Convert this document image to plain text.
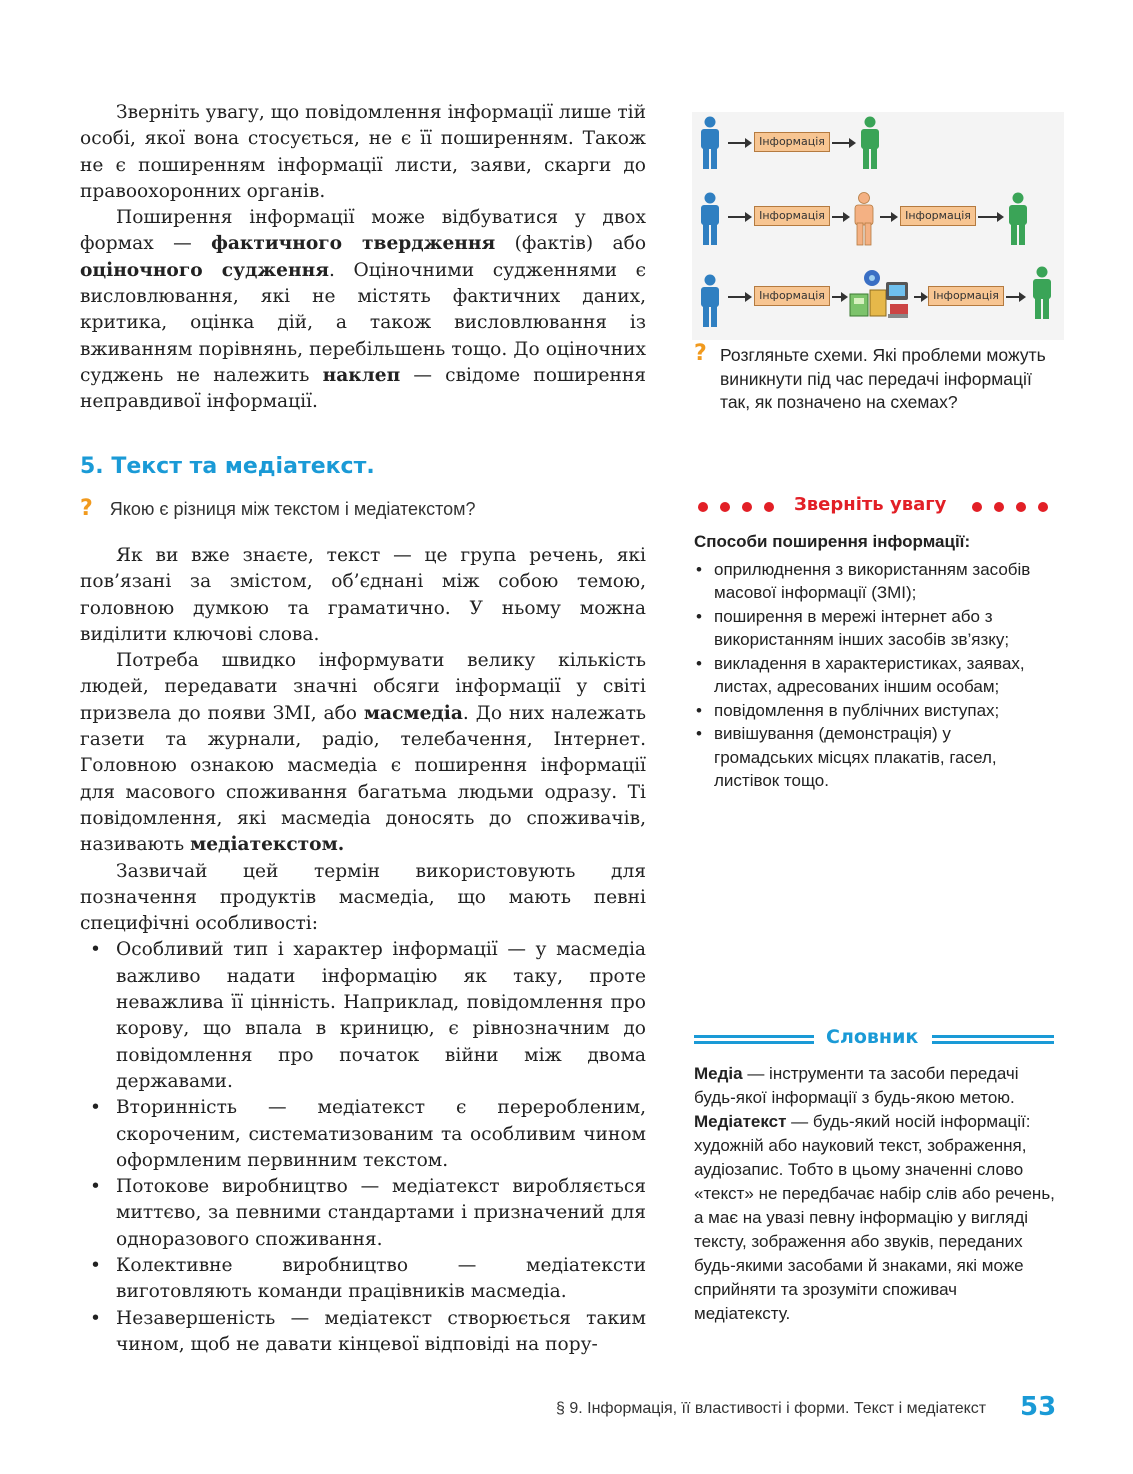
Зверніть увагу, що повідомлення інформації лише тій особі, якої вона стосується, не є її поширенням. Також не є поширенням інформації листи, заяви, скарги до правоохоронних органів.

Поширення інформації може відбуватися у двох формах — фактичного твердження (фактів) або оціночного судження. Оціночними судженнями є висловлювання, які не містять фактичних даних, критика, оцінка дій, а також висловлювання із вживанням порівнянь, перебільшень тощо. До оціночних суджень не належить наклеп — свідоме поширення неправдивої інформації.

5. Текст та медіатекст.
? Якою є різниця між текстом і медіатекстом?

Як ви вже знаєте, текст — це група речень, які пов’язані за змістом, об’єднані між собою темою, головною думкою та граматично. У ньому можна виділити ключові слова.

Потреба швидко інформувати велику кількість людей, передавати значні обсяги інформації у світі призвела до появи ЗМІ, або масмедіа. До них належать газети та журнали, радіо, телебачення, Інтернет. Головною ознакою масмедіа є поширення інформації для масового споживання багатьма людьми одразу. Ті повідомлення, які масмедіа доносять до споживачів, називають медіатекстом.

Зазвичай цей термін використовують для позначення продуктів масмедіа, що мають певні специфічні особливості:

• Особливий тип і характер інформації — у масмедіа важливо надати інформацію як таку, проте неважлива її цінність. Наприклад, повідомлення про корову, що впала в криницю, є рівнозначним до повідомлення про початок війни між двома державами.
• Вторинність — медіатекст є переробленим, скороченим, систематизованим та особливим чином оформленим первинним текстом.
• Потокове виробництво — медіатекст виробляється миттєво, за певними стандартами і призначений для одноразового споживання.
• Колективне виробництво — медіатексти виготовляють команди працівників масмедіа.
• Незавершеність — медіатекст створюється таким чином, щоб не давати кінцевої відповіді на пору-
Інформація
Інформація	Інформація
Інформація	Інформація
? Розгляньте схеми. Які проблеми можуть виникнути під час передачі інформації так, як позначено на схемах?
Зверніть увагу
Способи поширення інформації:
• оприлюднення з використанням засобів масової інформації (ЗМІ);
• поширення в мережі інтернет або з використанням інших засобів зв’язку;
• викладення в характеристиках, заявах, листах, адресованих іншим особам;
• повідомлення в публічних виступах;
• вивішування (демонстрація) у громадських місцях плакатів, гасел, листівок тощо.
Словник

Медіа — інструменти та засоби передачі будь-якої інформації з будь-якою метою.

Медіатекст — будь-який носій інформації: художній або науковий текст, зображення, аудіозапис. Тобто в цьому значенні слово «текст» не передбачає набір слів або речень, а має на увазі певну інформацію у вигляді тексту, зображення або звуків, переданих будь-якими засобами й знаками, які може сприйняти та зрозуміти споживач медіатексту.

§ 9. Інформація, її властивості і форми. Текст і медіатекст 53
